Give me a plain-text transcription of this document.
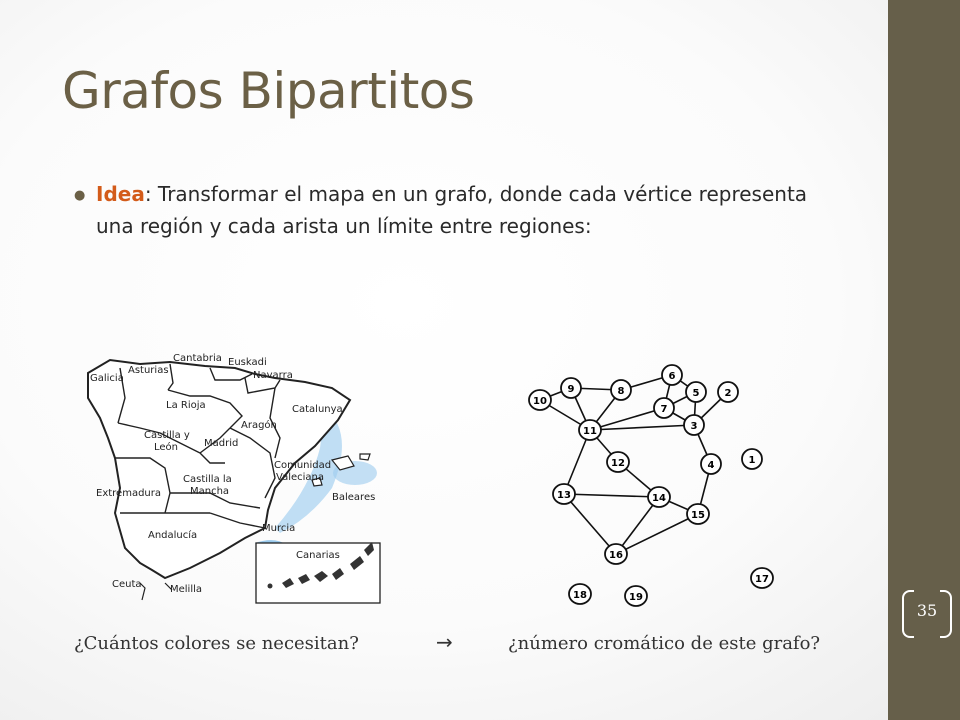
35
Grafos Bipartitos
● Idea: Transformar el mapa en un grafo, donde cada vértice representa una región y cada arista un límite entre regiones:
Cantabria Euskadi
Galicia
Asturias	Navarra
La Rioja	Catalunya
Castilla y
León
Aragón
Madrid
Comunidad
Valeciana
Extremadura
Castilla la
Mancha
Baleares
Andalucía
Murcia
Canarias
Ceuta	Melilla
1
2
3
4
5
6
7
8
9
10
11
12
13	14
15
16
17
18	19
¿Cuántos colores se necesitan?	→	¿número cromático de este grafo?
